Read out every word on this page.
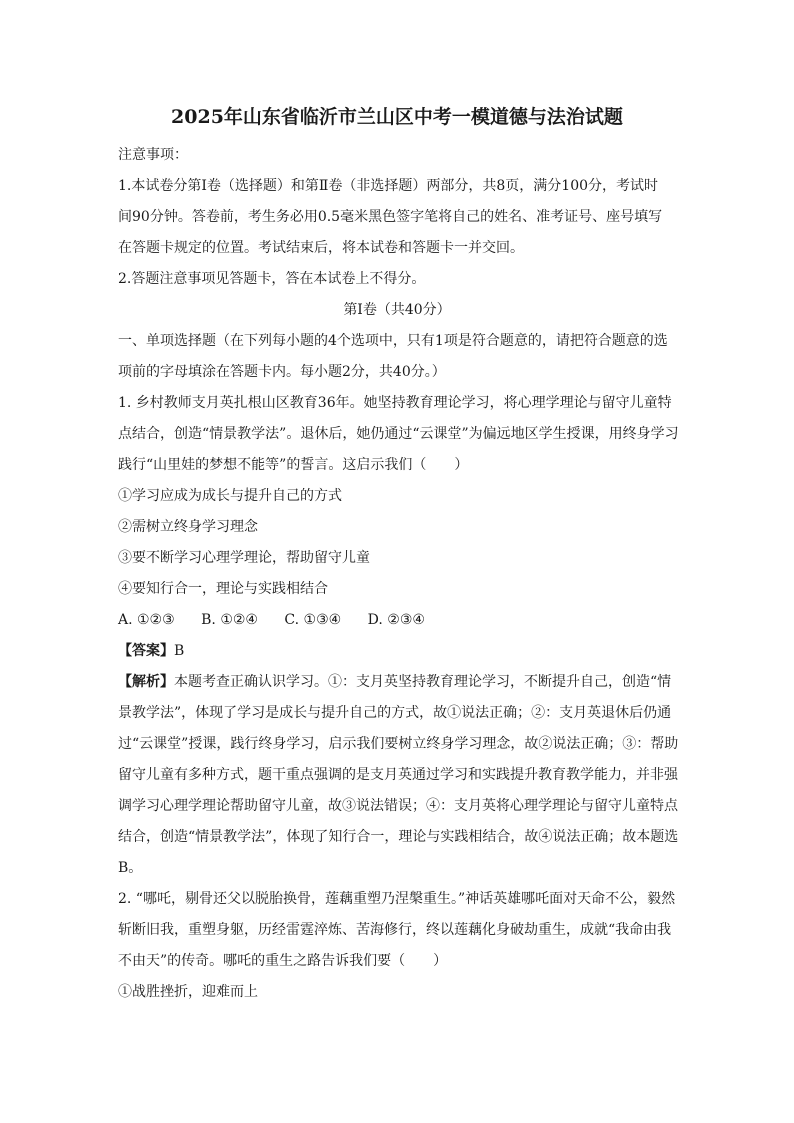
2025年山东省临沂市兰山区中考一模道德与法治试题
注意事项：
1.本试卷分第Ⅰ卷（选择题）和第Ⅱ卷（非选择题）两部分，共8页，满分100分，考试时
间90分钟。答卷前，考生务必用0.5毫米黑色签字笔将自己的姓名、准考证号、座号填写
在答题卡规定的位置。考试结束后，将本试卷和答题卡一并交回。
2.答题注意事项见答题卡，答在本试卷上不得分。
第Ⅰ卷（共40分）
一、单项选择题（在下列每小题的4个选项中，只有1项是符合题意的，请把符合题意的选
项前的字母填涂在答题卡内。每小题2分，共40分。）
1. 乡村教师支月英扎根山区教育36年。她坚持教育理论学习，将心理学理论与留守儿童特
点结合，创造“情景教学法”。退休后，她仍通过“云课堂”为偏远地区学生授课，用终身学习
践行“山里娃的梦想不能等”的誓言。这启示我们（　　）
①学习应成为成长与提升自己的方式
②需树立终身学习理念
③要不断学习心理学理论，帮助留守儿童
④要知行合一，理论与实践相结合
A. ①②③ B. ①②④ C. ①③④ D. ②③④
【答案】B
【解析】本题考查正确认识学习。①：支月英坚持教育理论学习，不断提升自己，创造“情
景教学法”，体现了学习是成长与提升自己的方式，故①说法正确；②：支月英退休后仍通
过“云课堂”授课，践行终身学习，启示我们要树立终身学习理念，故②说法正确；③：帮助
留守儿童有多种方式，题干重点强调的是支月英通过学习和实践提升教育教学能力，并非强
调学习心理学理论帮助留守儿童，故③说法错误；④：支月英将心理学理论与留守儿童特点
结合，创造“情景教学法”，体现了知行合一，理论与实践相结合，故④说法正确；故本题选
B。
2. “哪吒，剔骨还父以脱胎换骨，莲藕重塑乃涅槃重生。”神话英雄哪吒面对天命不公，毅然
斩断旧我，重塑身躯，历经雷霆淬炼、苦海修行，终以莲藕化身破劫重生，成就“我命由我
不由天”的传奇。哪吒的重生之路告诉我们要（　　）
①战胜挫折，迎难而上
